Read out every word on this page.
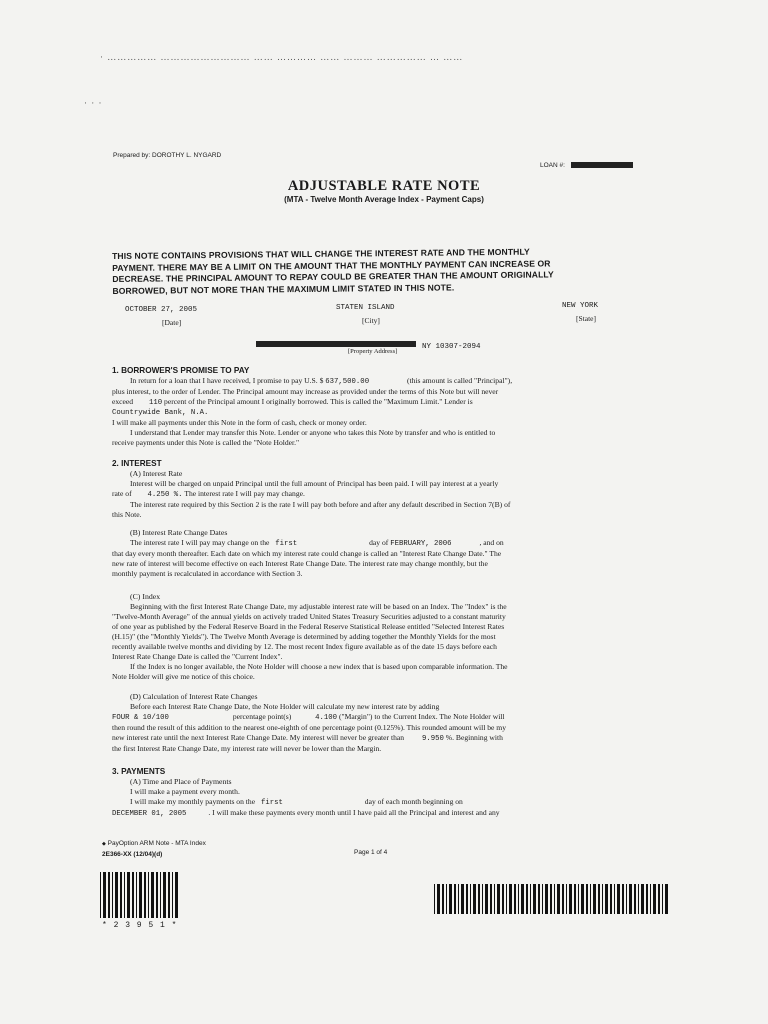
· …………… ……………………… …… ………… …… ……… …………… … ……
· · ·
Prepared by: DOROTHY L. NYGARD
LOAN #:
ADJUSTABLE RATE NOTE
(MTA - Twelve Month Average Index - Payment Caps)
THIS NOTE CONTAINS PROVISIONS THAT WILL CHANGE THE INTEREST RATE AND THE MONTHLY
PAYMENT. THERE MAY BE A LIMIT ON THE AMOUNT THAT THE MONTHLY PAYMENT CAN INCREASE OR
DECREASE. THE PRINCIPAL AMOUNT TO REPAY COULD BE GREATER THAN THE AMOUNT ORIGINALLY
BORROWED, BUT NOT MORE THAN THE MAXIMUM LIMIT STATED IN THIS NOTE.
OCTOBER 27, 2005
[Date]
STATEN ISLAND
[City]
NEW YORK
[State]
NY 10307-2094
[Property Address]
1. BORROWER'S PROMISE TO PAY
In return for a loan that I have received, I promise to pay U.S. $ 637,500.00	(this amount is called "Principal"),
plus interest, to the order of Lender. The Principal amount may increase as provided under the terms of this Note but will never
exceed 110 percent of the Principal amount I originally borrowed. This is called the "Maximum Limit." Lender is
Countrywide Bank, N.A.
I will make all payments under this Note in the form of cash, check or money order.
I understand that Lender may transfer this Note. Lender or anyone who takes this Note by transfer and who is entitled to
receive payments under this Note is called the "Note Holder."
2. INTEREST
(A) Interest Rate
Interest will be charged on unpaid Principal until the full amount of Principal has been paid. I will pay interest at a yearly
rate of 4.250 %. The interest rate I will pay may change.
The interest rate required by this Section 2 is the rate I will pay both before and after any default described in Section 7(B) of
this Note.
(B) Interest Rate Change Dates
The interest rate I will pay may change on the first	day of FEBRUARY, 2006	, and on
that day every month thereafter. Each date on which my interest rate could change is called an "Interest Rate Change Date." The
new rate of interest will become effective on each Interest Rate Change Date. The interest rate may change monthly, but the
monthly payment is recalculated in accordance with Section 3.
(C) Index
Beginning with the first Interest Rate Change Date, my adjustable interest rate will be based on an Index. The "Index" is the
"Twelve-Month Average" of the annual yields on actively traded United States Treasury Securities adjusted to a constant maturity
of one year as published by the Federal Reserve Board in the Federal Reserve Statistical Release entitled "Selected Interest Rates
(H.15)" (the "Monthly Yields"). The Twelve Month Average is determined by adding together the Monthly Yields for the most
recently available twelve months and dividing by 12. The most recent Index figure available as of the date 15 days before each
Interest Rate Change Date is called the "Current Index".
If the Index is no longer available, the Note Holder will choose a new index that is based upon comparable information. The
Note Holder will give me notice of this choice.
(D) Calculation of Interest Rate Changes
Before each Interest Rate Change Date, the Note Holder will calculate my new interest rate by adding
FOUR & 10/100	percentage point(s)	4.100 ("Margin") to the Current Index. The Note Holder will
then round the result of this addition to the nearest one-eighth of one percentage point (0.125%). This rounded amount will be my
new interest rate until the next Interest Rate Change Date. My interest will never be greater than 9.950 %. Beginning with
the first Interest Rate Change Date, my interest rate will never be lower than the Margin.
3. PAYMENTS
(A) Time and Place of Payments
I will make a payment every month.
I will make my monthly payments on the first	day of each month beginning on
DECEMBER 01, 2005	. I will make these payments every month until I have paid all the Principal and interest and any
◆ PayOption ARM Note - MTA Index
2E366-XX (12/04)(d)	Page 1 of 4
* 2 3 9 5 1 *
